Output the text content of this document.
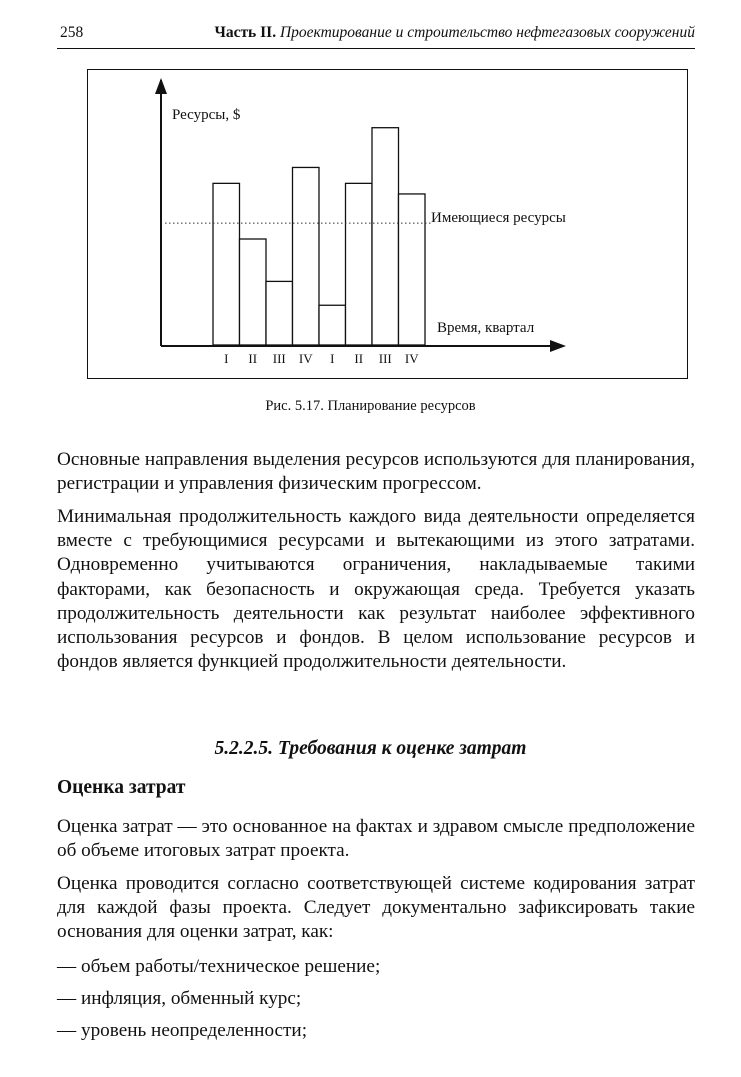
258	Часть II. Проектирование и строительство нефтегазовых сооружений
Ресурсы, $
Имеющиеся ресурсы
Время, квартал
I II III IV I II III IV
Рис. 5.17. Планирование ресурсов
Основные направления выделения ресурсов используются для планирования, регистрации и управления физическим прогрессом.
Минимальная продолжительность каждого вида деятельности определяется вместе с требующимися ресурсами и вытекающими из этого затратами. Одновременно учитываются ограничения, накладываемые такими факторами, как безопасность и окружающая среда. Требуется указать продолжительность деятельности как результат наиболее эффективного использования ресурсов и фондов. В целом использование ресурсов и фондов является функцией продолжительности деятельности.
5.2.2.5. Требования к оценке затрат
Оценка затрат
Оценка затрат — это основанное на фактах и здравом смысле предположение об объеме итоговых затрат проекта.
Оценка проводится согласно соответствующей системе кодирования затрат для каждой фазы проекта. Следует документально зафиксировать такие основания для оценки затрат, как:
— объем работы/техническое решение;
— инфляция, обменный курс;
— уровень неопределенности;
